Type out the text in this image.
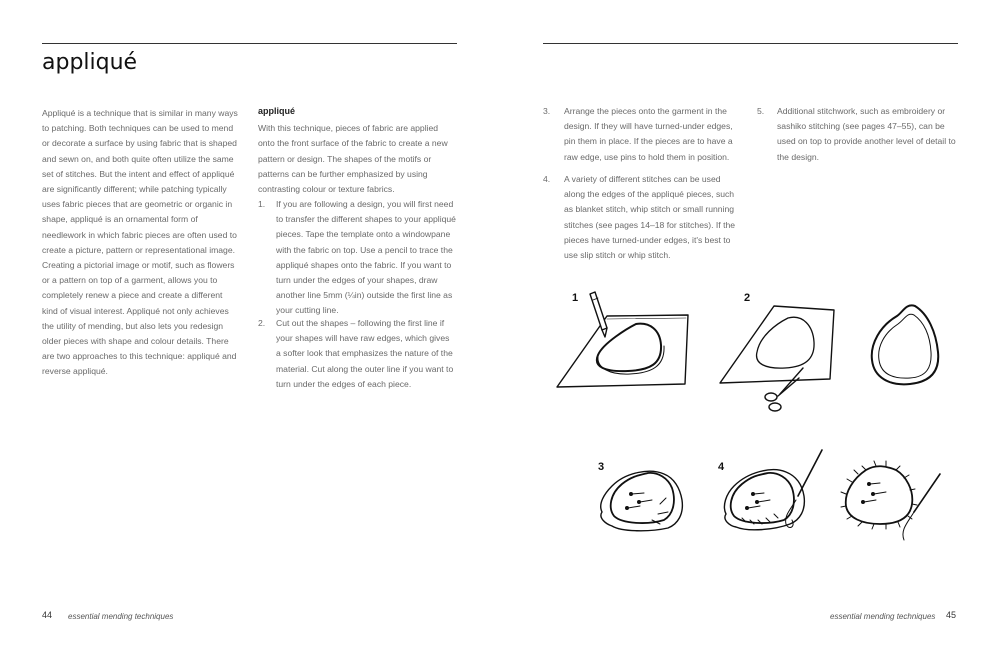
appliqué

Appliqué is a technique that is similar in many ways to patching. Both techniques can be used to mend or decorate a surface by using fabric that is shaped and sewn on, and both quite often utilize the same set of stitches. But the intent and effect of appliqué are significantly different; while patching typically uses fabric pieces that are geometric or organic in shape, appliqué is an ornamental form of needlework in which fabric pieces are often used to create a picture, pattern or representational image. Creating a pictorial image or motif, such as flowers or a pattern on top of a garment, allows you to completely renew a piece and create a different kind of visual interest. Appliqué not only achieves the utility of mending, but also lets you redesign older pieces with shape and colour details. There are two approaches to this technique: appliqué and reverse appliqué.

appliqué

With this technique, pieces of fabric are applied onto the front surface of the fabric to create a new pattern or design. The shapes of the motifs or patterns can be further emphasized by using contrasting colour or texture fabrics.

1. If you are following a design, you will first need to transfer the different shapes to your appliqué pieces. Tape the template onto a windowpane with the fabric on top. Use a pencil to trace the appliqué shapes onto the fabric. If you want to turn under the edges of your shapes, draw another line 5mm (¼in) outside the first line as your cutting line.
2. Cut out the shapes – following the first line if your shapes will have raw edges, which gives a softer look that emphasizes the nature of the material. Cut along the outer line if you want to turn under the edges of each piece.
44 essential mending techniques
3. Arrange the pieces onto the garment in the design. If they will have turned-under edges, pin them in place. If the pieces are to have a raw edge, use pins to hold them in position.
4. A variety of different stitches can be used along the edges of the appliqué pieces, such as blanket stitch, whip stitch or small running stitches (see pages 14–18 for stitches). If the pieces have turned-under edges, it's best to use slip stitch or whip stitch.
5. Additional stitchwork, such as embroidery or sashiko stitching (see pages 47–55), can be used on top to provide another level of detail to the design.
essential mending techniques 45
1	2
3	4
